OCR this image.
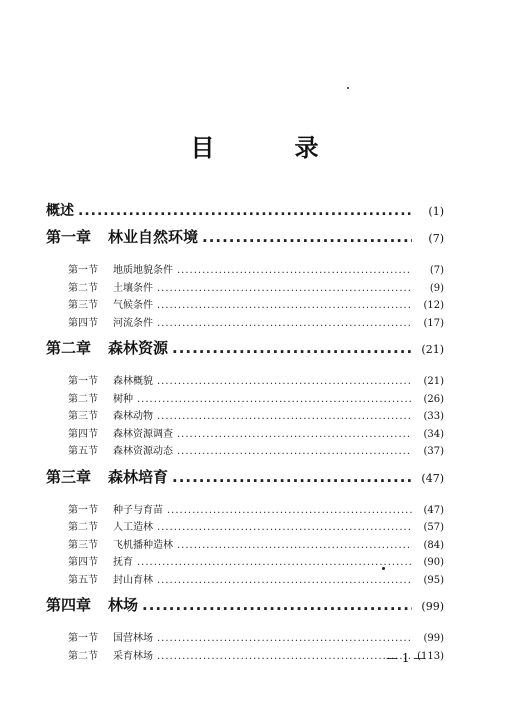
目　录
概述 .....	(1)
第一章	林业自然环境 .....	(7)
第一节	地质地貌条件 .....	(7)
第二节	土壤条件 .....	(9)
第三节	气候条件 .....	(12)
第四节	河流条件 .....	(17)
第二章	森林资源 .....	(21)
第一节	森林概貌 .....	(21)
第二节	树种 .....	(26)
第三节	森林动物 .....	(33)
第四节	森林资源调查 .....	(34)
第五节	森林资源动态 .....	(37)
第三章	森林培育 .....	(47)
第一节	种子与育苗 .....	(47)
第二节	人工造林 .....	(57)
第三节	飞机播种造林 .....	(84)
第四节	抚育 .....	(90)
第五节	封山育林 .....	(95)
第四章	林场 .....	(99)
第一节	国营林场 .....	(99)
第二节	采育林场 .....	(113)
— 1 —
